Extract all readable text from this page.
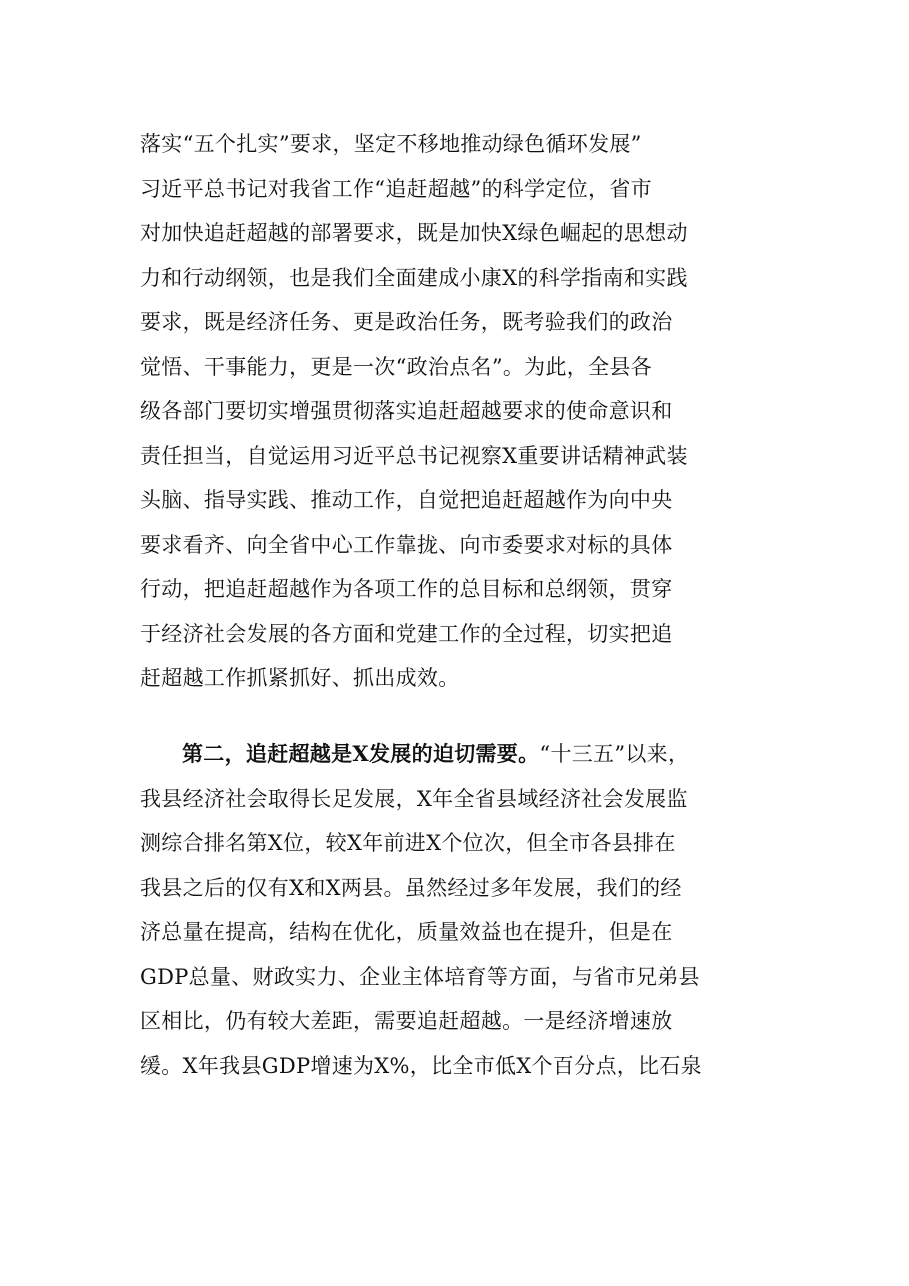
落实“五个扎实”要求，坚定不移地推动绿色循环发展”
习近平总书记对我省工作“追赶超越”的科学定位，省市
对加快追赶超越的部署要求，既是加快X绿色崛起的思想动
力和行动纲领，也是我们全面建成小康X的科学指南和实践
要求，既是经济任务、更是政治任务，既考验我们的政治
觉悟、干事能力，更是一次“政治点名”。为此，全县各
级各部门要切实增强贯彻落实追赶超越要求的使命意识和
责任担当，自觉运用习近平总书记视察X重要讲话精神武装
头脑、指导实践、推动工作，自觉把追赶超越作为向中央
要求看齐、向全省中心工作靠拢、向市委要求对标的具体
行动，把追赶超越作为各项工作的总目标和总纲领，贯穿
于经济社会发展的各方面和党建工作的全过程，切实把追
赶超越工作抓紧抓好、抓出成效。
第二，追赶超越是X发展的迫切需要。“十三五”以来，
我县经济社会取得长足发展，X年全省县域经济社会发展监
测综合排名第X位，较X年前进X个位次，但全市各县排在
我县之后的仅有X和X两县。虽然经过多年发展，我们的经
济总量在提高，结构在优化，质量效益也在提升，但是在
GDP总量、财政实力、企业主体培育等方面，与省市兄弟县
区相比，仍有较大差距，需要追赶超越。一是经济增速放
缓。X年我县GDP增速为X%，比全市低X个百分点，比石泉
